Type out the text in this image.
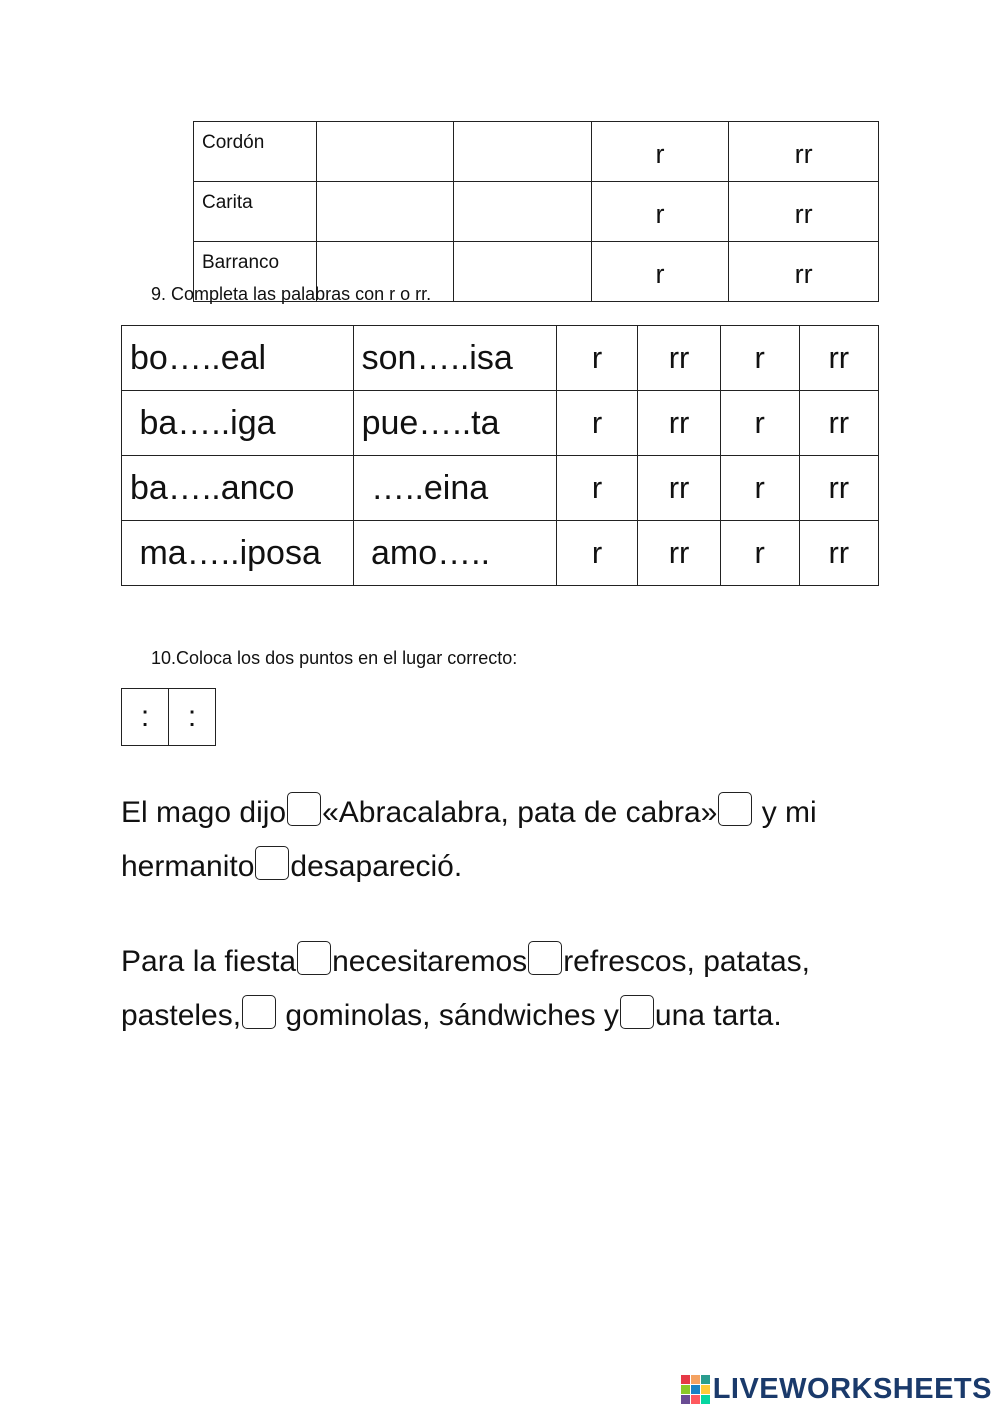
Cordón			r	rr
Carita			r	rr
Barranco			r	rr
9. Completa las palabras con r o rr.
bo…..eal	son…..isa	r	rr	r	rr
ba…..iga	pue…..ta	r	rr	r	rr
ba…..anco	…..eina	r	rr	r	rr
ma…..iposa	amo…..	r	rr	r	rr
10.Coloca los dos puntos en el lugar correcto:
:	:
El mago dijo «Abracalabra, pata de cabra» y mi
hermanito desapareció.
Para la fiesta necesitaremos refrescos, patatas,
pasteles, gominolas, sándwiches y una tarta.
LIVEWORKSHEETS
